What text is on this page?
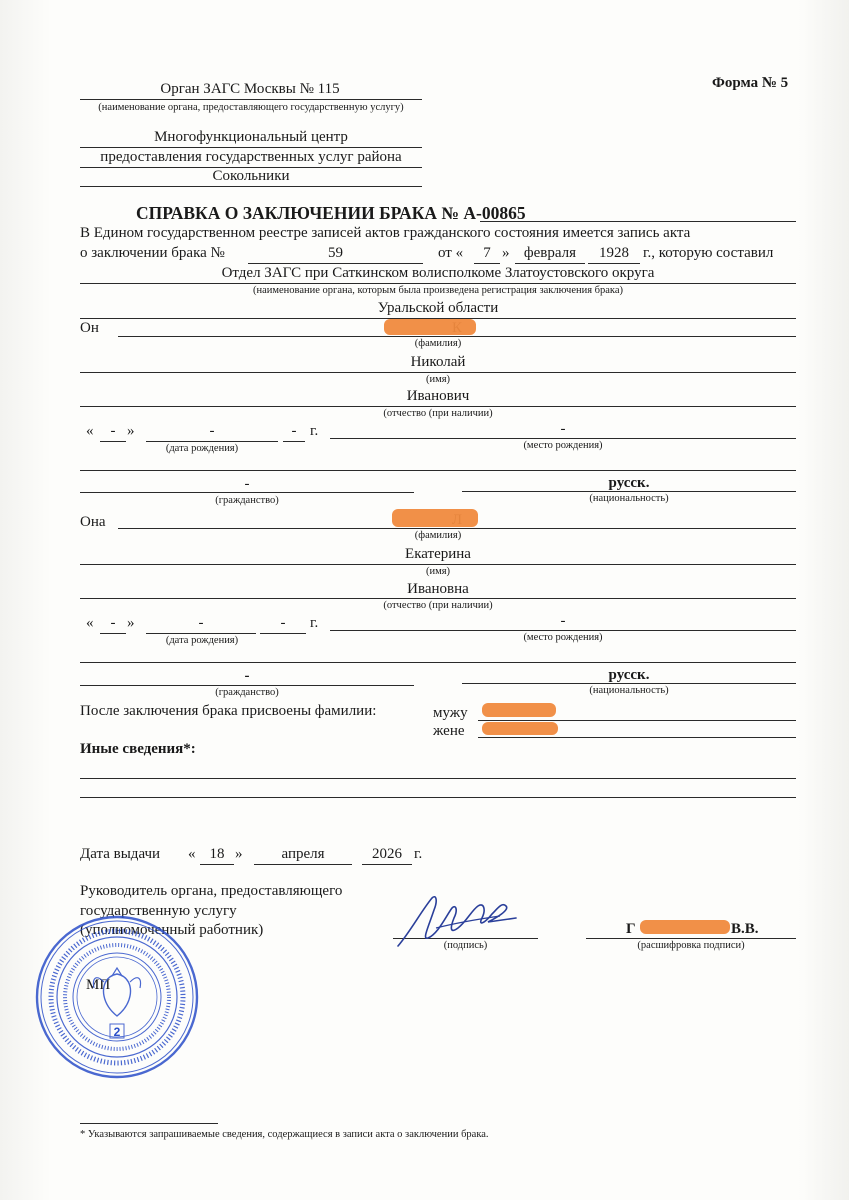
Орган ЗАГС Москвы № 115
(наименование органа, предоставляющего государственную услугу)
Многофункциональный центр
предоставления государственных услуг района
Сокольники
Форма № 5
СПРАВКА О ЗАКЛЮЧЕНИИ БРАКА № А-00865
В Едином государственном реестре записей актов гражданского состояния имеется запись акта
о заключении брака №	59	от «	7 » февраля	1928 г., которую составил
Отдел ЗАГС при Саткинском волисполкоме Златоустовского округа
(наименование органа, которым была произведена регистрация заключения брака)
Уральской области
Он
(фамилия)
Николай
(имя)
Иванович
(отчество (при наличии)
«	- »	-	- г.	-
(дата рождения)	(место рождения)
-	русск.
(гражданство)	(национальность)
Она
(фамилия)
Екатерина
(имя)
Ивановна
(отчество (при наличии)
«	- »	-	-	г.	-
(дата рождения)	(место рождения)
-	русск.
(гражданство)	(национальность)
После заключения брака присвоены фамилии:	мужу
жене
Иные сведения*:
Дата выдачи « 18 »	апреля	2026 г.
Руководитель органа, предоставляющего
государственную услугу
(уполномоченный работник)
(подпись)
Г	В.В.
(расшифровка подписи)
МП
2
* Указываются запрашиваемые сведения, содержащиеся в записи акта о заключении брака.
